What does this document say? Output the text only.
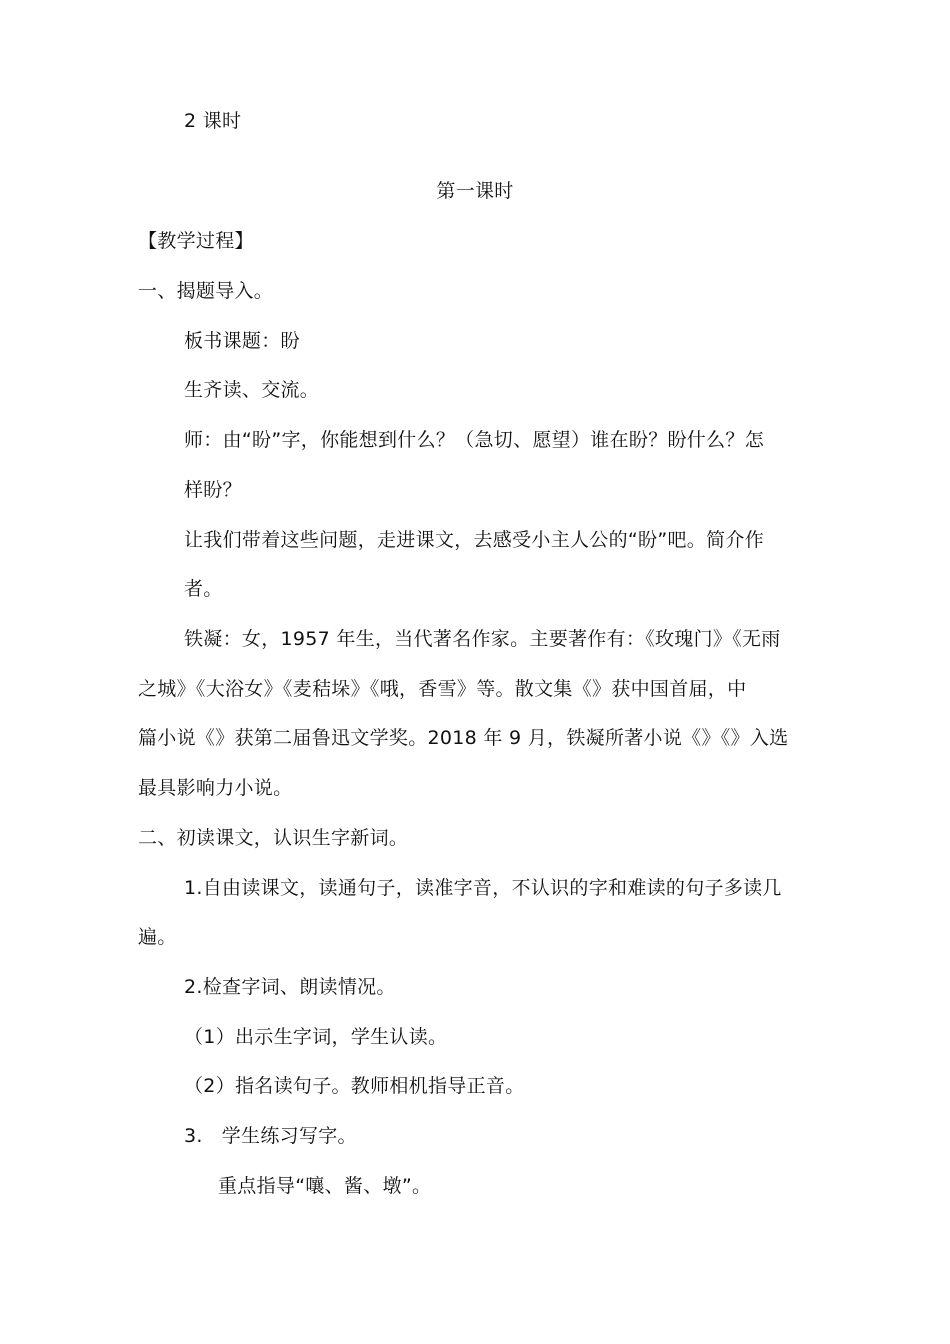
2 课时
第一课时
【教学过程】
一、揭题导入。
板书课题：盼
生齐读、交流。
师：由“盼”字，你能想到什么？（急切、愿望）谁在盼？盼什么？怎
样盼？
让我们带着这些问题，走进课文，去感受小主人公的“盼”吧。简介作
者。
铁凝：女，1957 年生，当代著名作家。主要著作有：《玫瑰门》《无雨
之城》《大浴女》《麦秸垛》《哦，香雪》等。散文集《》获中国首届，中
篇小说《》获第二届鲁迅文学奖。2018 年 9 月，铁凝所著小说《》《》入选
最具影响力小说。
二、初读课文，认识生字新词。
1.自由读课文，读通句子，读准字音，不认识的字和难读的句子多读几
遍。
2.检查字词、朗读情况。
（1）出示生字词，学生认读。
（2）指名读句子。教师相机指导正音。
3.   学生练习写字。
重点指导“嚷、酱、墩”。
